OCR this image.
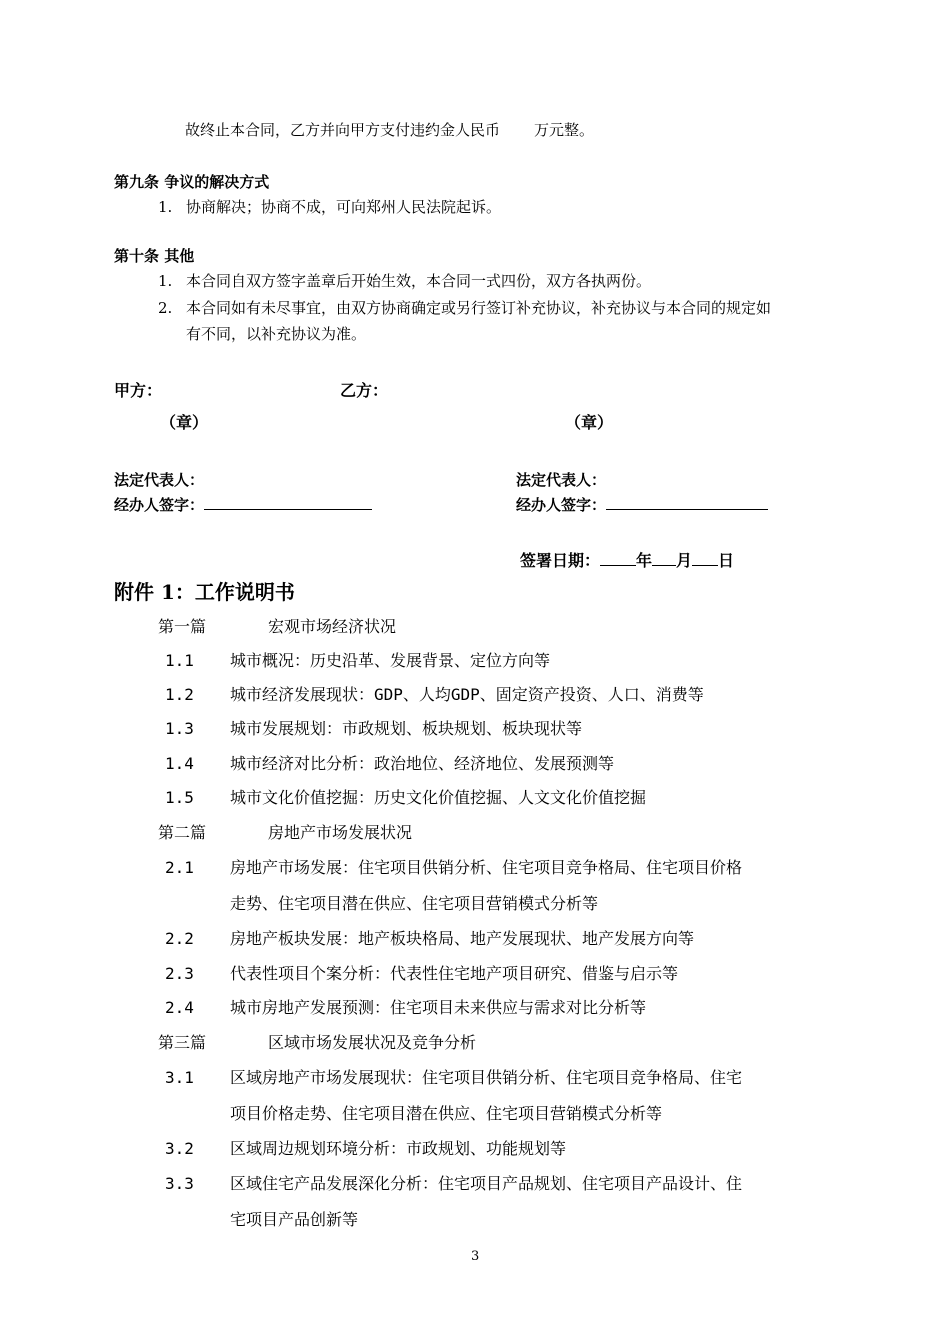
故终止本合同，乙方并向甲方支付违约金人民币 万元整。
第九条 争议的解决方式
1. 协商解决；协商不成，可向郑州人民法院起诉。
第十条 其他
1. 本合同自双方签字盖章后开始生效，本合同一式四份，双方各执两份。
2. 本合同如有未尽事宜，由双方协商确定或另行签订补充协议，补充协议与本合同的规定如
有不同，以补充协议为准。
甲方：	乙方：
（章）	（章）
法定代表人：	法定代表人：
经办人签字：	经办人签字：
签署日期： 年 月 日
附件 1：工作说明书
第一篇	宏观市场经济状况
1.1 城市概况：历史沿革、发展背景、定位方向等
1.2 城市经济发展现状：GDP、人均GDP、固定资产投资、人口、消费等
1.3 城市发展规划：市政规划、板块规划、板块现状等
1.4 城市经济对比分析：政治地位、经济地位、发展预测等
1.5 城市文化价值挖掘：历史文化价值挖掘、人文文化价值挖掘
第二篇	房地产市场发展状况
2.1 房地产市场发展：住宅项目供销分析、住宅项目竞争格局、住宅项目价格
走势、住宅项目潜在供应、住宅项目营销模式分析等
2.2 房地产板块发展：地产板块格局、地产发展现状、地产发展方向等
2.3 代表性项目个案分析：代表性住宅地产项目研究、借鉴与启示等
2.4 城市房地产发展预测：住宅项目未来供应与需求对比分析等
第三篇	区域市场发展状况及竞争分析
3.1 区域房地产市场发展现状：住宅项目供销分析、住宅项目竞争格局、住宅
项目价格走势、住宅项目潜在供应、住宅项目营销模式分析等
3.2 区域周边规划环境分析：市政规划、功能规划等
3.3 区域住宅产品发展深化分析：住宅项目产品规划、住宅项目产品设计、住
宅项目产品创新等
3
